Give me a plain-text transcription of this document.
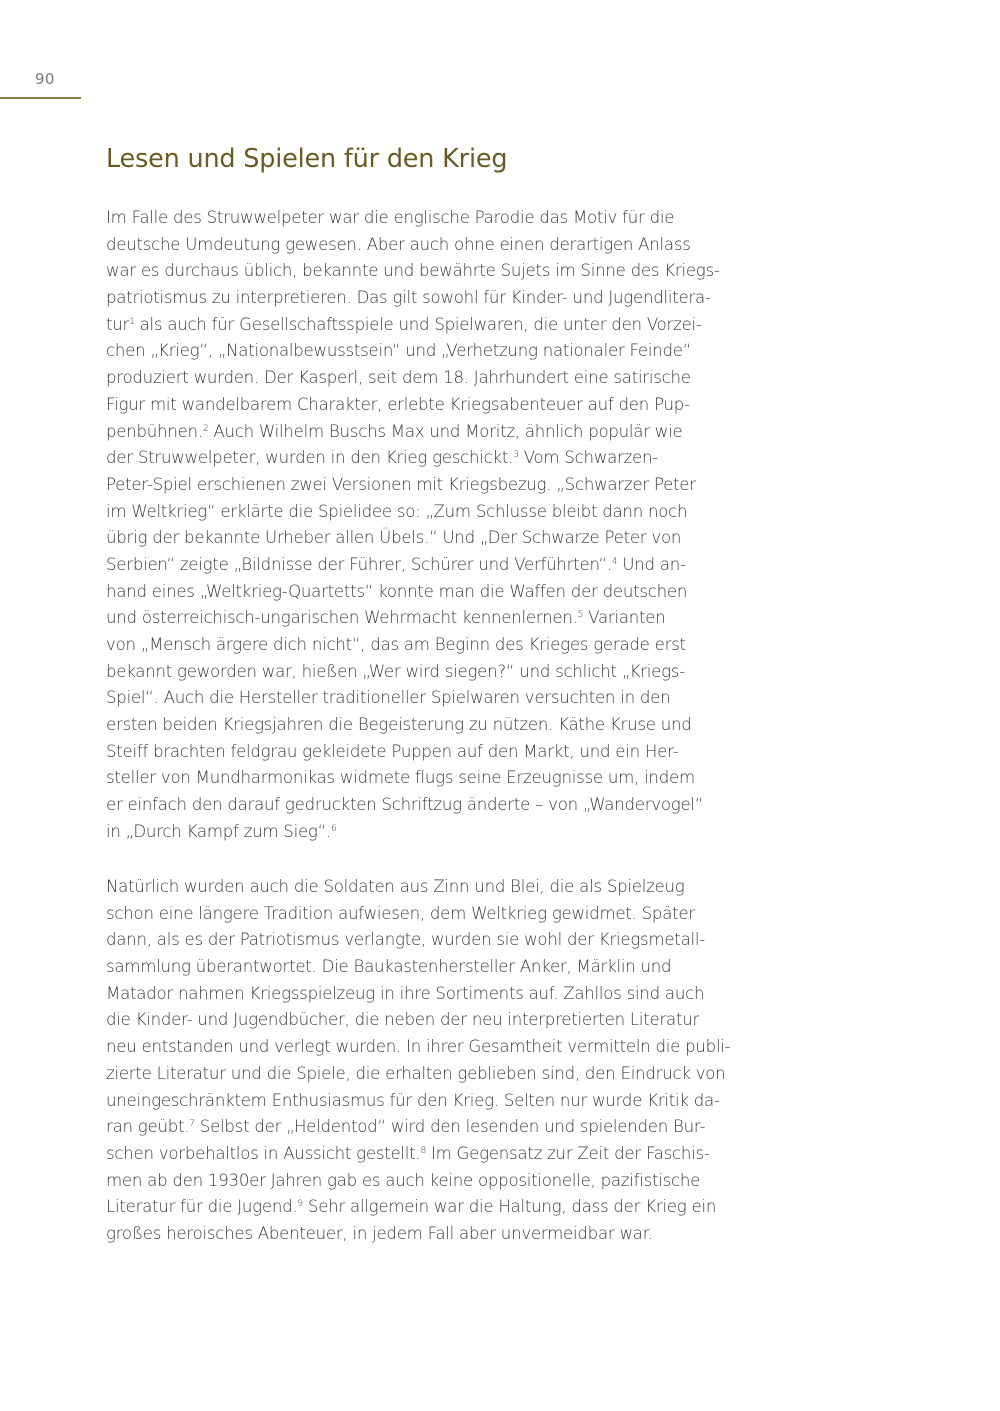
90
Lesen und Spielen für den Krieg
Im Falle des Struwwelpeter war die englische Parodie das Motiv für die
deutsche Umdeutung gewesen. Aber auch ohne einen derartigen Anlass
war es durchaus üblich, bekannte und bewährte Sujets im Sinne des Kriegs-
patriotismus zu interpretieren. Das gilt sowohl für Kinder- und Jugendlitera-
tur$^1$ als auch für Gesellschaftsspiele und Spielwaren, die unter den Vorzei-
chen „Krieg“, „Nationalbewusstsein“ und „Verhetzung nationaler Feinde“
produziert wurden. Der Kasperl, seit dem 18. Jahrhundert eine satirische
Figur mit wandelbarem Charakter, erlebte Kriegsabenteuer auf den Pup-
penbühnen.$^2$ Auch Wilhelm Buschs Max und Moritz, ähnlich populär wie
der Struwwelpeter, wurden in den Krieg geschickt.$^3$ Vom Schwarzen-
Peter-Spiel erschienen zwei Versionen mit Kriegsbezug. „Schwarzer Peter
im Weltkrieg“ erklärte die Spielidee so: „Zum Schlusse bleibt dann noch
übrig der bekannte Urheber allen Übels.“ Und „Der Schwarze Peter von
Serbien“ zeigte „Bildnisse der Führer, Schürer und Verführten“.$^4$ Und an-
hand eines „Weltkrieg-Quartetts“ konnte man die Waffen der deutschen
und österreichisch-ungarischen Wehrmacht kennenlernen.$^5$ Varianten
von „Mensch ärgere dich nicht“, das am Beginn des Krieges gerade erst
bekannt geworden war, hießen „Wer wird siegen?“ und schlicht „Kriegs-
Spiel“. Auch die Hersteller traditioneller Spielwaren versuchten in den
ersten beiden Kriegsjahren die Begeisterung zu nützen. Käthe Kruse und
Steiff brachten feldgrau gekleidete Puppen auf den Markt, und ein Her-
steller von Mundharmonikas widmete flugs seine Erzeugnisse um, indem
er einfach den darauf gedruckten Schriftzug änderte – von „Wandervogel“
in „Durch Kampf zum Sieg“.$^6$
Natürlich wurden auch die Soldaten aus Zinn und Blei, die als Spielzeug
schon eine längere Tradition aufwiesen, dem Weltkrieg gewidmet. Später
dann, als es der Patriotismus verlangte, wurden sie wohl der Kriegsmetall-
sammlung überantwortet. Die Baukastenhersteller Anker, Märklin und
Matador nahmen Kriegsspielzeug in ihre Sortiments auf. Zahllos sind auch
die Kinder- und Jugendbücher, die neben der neu interpretierten Literatur
neu entstanden und verlegt wurden. In ihrer Gesamtheit vermitteln die publi-
zierte Literatur und die Spiele, die erhalten geblieben sind, den Eindruck von
uneingeschränktem Enthusiasmus für den Krieg. Selten nur wurde Kritik da-
ran geübt.$^7$ Selbst der „Heldentod“ wird den lesenden und spielenden Bur-
schen vorbehaltlos in Aussicht gestellt.$^8$ Im Gegensatz zur Zeit der Faschis-
men ab den 1930er Jahren gab es auch keine oppositionelle, pazifistische
Literatur für die Jugend.$^9$ Sehr allgemein war die Haltung, dass der Krieg ein
großes heroisches Abenteuer, in jedem Fall aber unvermeidbar war.
